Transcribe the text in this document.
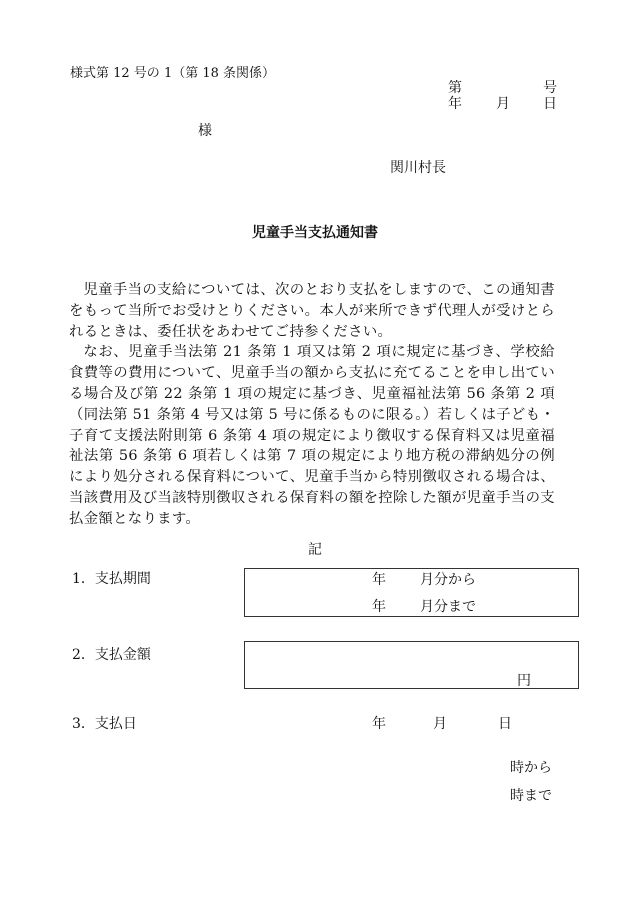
様式第 12 号の 1（第 18 条関係）
第	号
年 月 日
様
関川村長
児童手当支払通知書

児童手当の支給については、次のとおり支払をしますので、この通知書をもって当所でお受けとりください。本人が来所できず代理人が受けとられるときは、委任状をあわせてご持参ください。

なお、児童手当法第 21 条第 1 項又は第 2 項に規定に基づき、学校給食費等の費用について、児童手当の額から支払に充てることを申し出ている場合及び第 22 条第 1 項の規定に基づき、児童福祉法第 56 条第 2 項（同法第 51 条第 4 号又は第 5 号に係るものに限る。）若しくは子ども・子育て支援法附則第 6 条第 4 項の規定により徴収する保育料又は児童福祉法第 56 条第 6 項若しくは第 7 項の規定により地方税の滞納処分の例により処分される保育料について、児童手当から特別徴収される場合は、当該費用及び当該特別徴収される保育料の額を控除した額が児童手当の支払金額となります。

記
1．支払期間	年 月分から
年 月分まで
2．支払金額
円
3．支払日	年	月	日
時から
時まで
